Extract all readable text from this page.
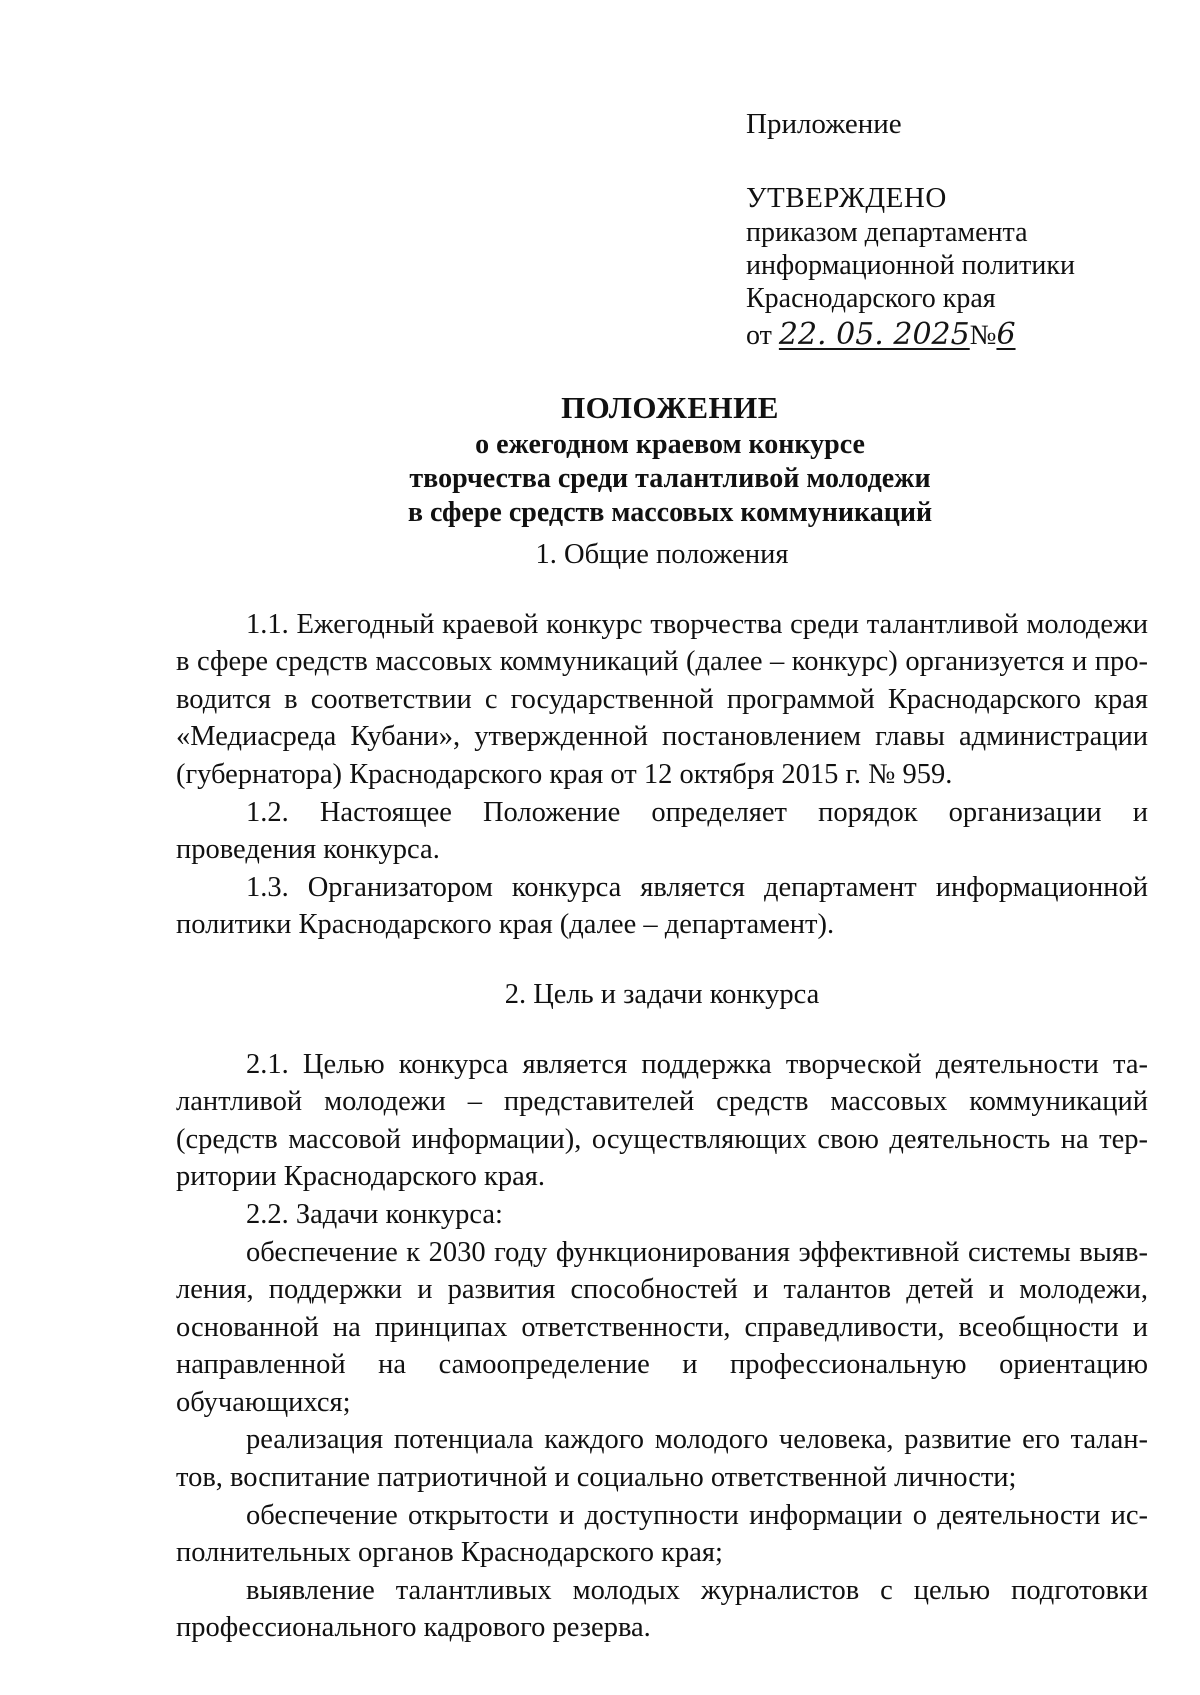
Приложение

УТВЕРЖДЕНО

приказом департамента

информационной политики

Краснодарского края

от 22. 05. 2025№6

ПОЛОЖЕНИЕ

о ежегодном краевом конкурсе

творчества среди талантливой молодежи

в сфере средств массовых коммуникаций

1. Общие положения

1.1. Ежегодный краевой конкурс творчества среди талантливой молодежи в сфере средств массовых коммуникаций (далее – конкурс) организуется и проводится в соответствии с государственной программой Краснодарского края «Медиасреда Кубани», утвержденной постановлением главы администрации (губернатора) Краснодарского края от 12 октября 2015 г. № 959.

1.2. Настоящее Положение определяет порядок организации и проведения конкурса.

1.3. Организатором конкурса является департамент информационной политики Краснодарского края (далее – департамент).

2. Цель и задачи конкурса

2.1. Целью конкурса является поддержка творческой деятельности талантливой молодежи – представителей средств массовых коммуникаций (средств массовой информации), осуществляющих свою деятельность на территории Краснодарского края.

2.2. Задачи конкурса:

обеспечение к 2030 году функционирования эффективной системы выявления, поддержки и развития способностей и талантов детей и молодежи, основанной на принципах ответственности, справедливости, всеобщности и направленной на самоопределение и профессиональную ориентацию обучающихся;

реализация потенциала каждого молодого человека, развитие его талантов, воспитание патриотичной и социально ответственной личности;

обеспечение открытости и доступности информации о деятельности исполнительных органов Краснодарского края;

выявление талантливых молодых журналистов с целью подготовки профессионального кадрового резерва.
